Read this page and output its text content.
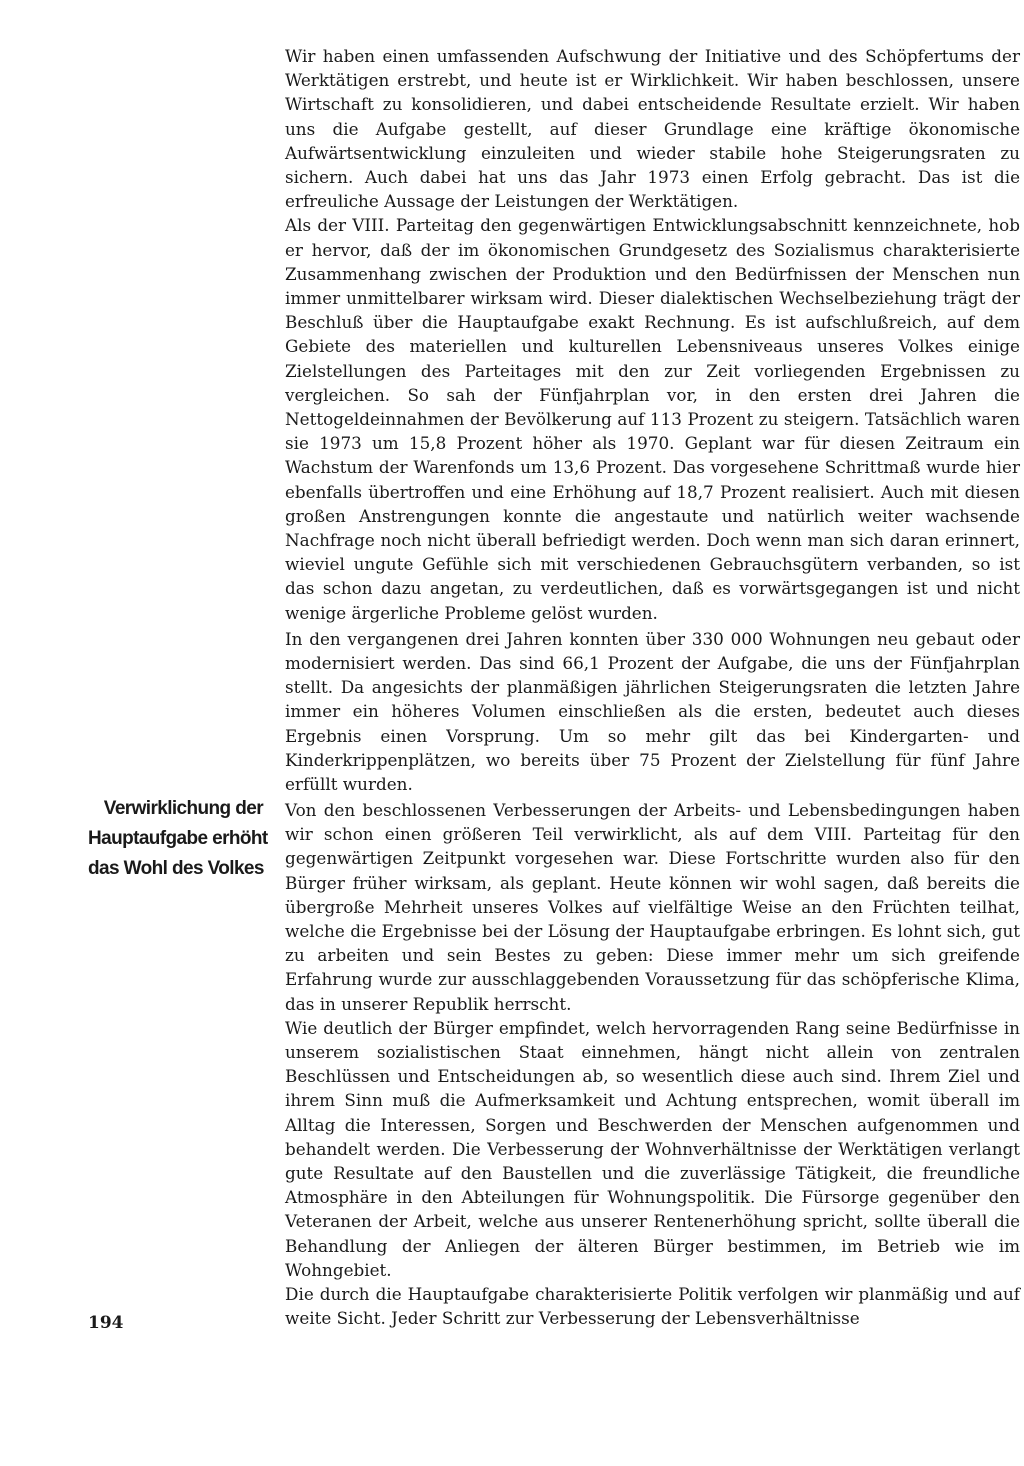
Wir haben einen umfassenden Aufschwung der Initiative und des Schöpfertums der Werktätigen erstrebt, und heute ist er Wirklichkeit. Wir haben beschlossen, unsere Wirtschaft zu konsolidieren, und dabei entscheidende Resultate erzielt. Wir haben uns die Aufgabe gestellt, auf dieser Grundlage eine kräftige ökonomische Aufwärtsentwicklung einzuleiten und wieder stabile hohe Steigerungsraten zu sichern. Auch dabei hat uns das Jahr 1973 einen Erfolg gebracht. Das ist die erfreuliche Aussage der Leistungen der Werktätigen.

Als der VIII. Parteitag den gegenwärtigen Entwicklungsabschnitt kennzeichnete, hob er hervor, daß der im ökonomischen Grundgesetz des Sozialismus charakterisierte Zusammenhang zwischen der Produktion und den Bedürfnissen der Menschen nun immer unmittelbarer wirksam wird. Dieser dialektischen Wechselbeziehung trägt der Beschluß über die Hauptaufgabe exakt Rechnung. Es ist aufschlußreich, auf dem Gebiete des materiellen und kulturellen Lebensniveaus unseres Volkes einige Zielstellungen des Parteitages mit den zur Zeit vorliegenden Ergebnissen zu vergleichen. So sah der Fünfjahrplan vor, in den ersten drei Jahren die Nettogeldeinnahmen der Bevölkerung auf 113 Prozent zu steigern. Tatsächlich waren sie 1973 um 15,8 Prozent höher als 1970. Geplant war für diesen Zeitraum ein Wachstum der Warenfonds um 13,6 Prozent. Das vorgesehene Schrittmaß wurde hier ebenfalls übertroffen und eine Erhöhung auf 18,7 Prozent realisiert. Auch mit diesen großen Anstrengungen konnte die angestaute und natürlich weiter wachsende Nachfrage noch nicht überall befriedigt werden. Doch wenn man sich daran erinnert, wieviel ungute Gefühle sich mit verschiedenen Gebrauchsgütern verbanden, so ist das schon dazu angetan, zu verdeutlichen, daß es vorwärtsgegangen ist und nicht wenige ärgerliche Probleme gelöst wurden.

In den vergangenen drei Jahren konnten über 330 000 Wohnungen neu gebaut oder modernisiert werden. Das sind 66,1 Prozent der Aufgabe, die uns der Fünfjahrplan stellt. Da angesichts der planmäßigen jährlichen Steigerungsraten die letzten Jahre immer ein höheres Volumen einschließen als die ersten, bedeutet auch dieses Ergebnis einen Vorsprung. Um so mehr gilt das bei Kindergarten- und Kinderkrippenplätzen, wo bereits über 75 Prozent der Zielstellung für fünf Jahre erfüllt wurden.

Verwirklichung der
Hauptaufgabe erhöht
das Wohl des Volkes

Von den beschlossenen Verbesserungen der Arbeits- und Lebensbedingungen haben wir schon einen größeren Teil verwirklicht, als auf dem VIII. Parteitag für den gegenwärtigen Zeitpunkt vorgesehen war. Diese Fortschritte wurden also für den Bürger früher wirksam, als geplant. Heute können wir wohl sagen, daß bereits die übergroße Mehrheit unseres Volkes auf vielfältige Weise an den Früchten teilhat, welche die Ergebnisse bei der Lösung der Hauptaufgabe erbringen. Es lohnt sich, gut zu arbeiten und sein Bestes zu geben: Diese immer mehr um sich greifende Erfahrung wurde zur ausschlaggebenden Voraussetzung für das schöpferische Klima, das in unserer Republik herrscht.

Wie deutlich der Bürger empfindet, welch hervorragenden Rang seine Bedürfnisse in unserem sozialistischen Staat einnehmen, hängt nicht allein von zentralen Beschlüssen und Entscheidungen ab, so wesentlich diese auch sind. Ihrem Ziel und ihrem Sinn muß die Aufmerksamkeit und Achtung entsprechen, womit überall im Alltag die Interessen, Sorgen und Beschwerden der Menschen aufgenommen und behandelt werden. Die Verbesserung der Wohnverhältnisse der Werktätigen verlangt gute Resultate auf den Baustellen und die zuverlässige Tätigkeit, die freundliche Atmosphäre in den Abteilungen für Wohnungspolitik. Die Fürsorge gegenüber den Veteranen der Arbeit, welche aus unserer Rentenerhöhung spricht, sollte überall die Behandlung der Anliegen der älteren Bürger bestimmen, im Betrieb wie im Wohngebiet.

Die durch die Hauptaufgabe charakterisierte Politik verfolgen wir planmäßig und auf weite Sicht. Jeder Schritt zur Verbesserung der Lebensverhältnisse

194
